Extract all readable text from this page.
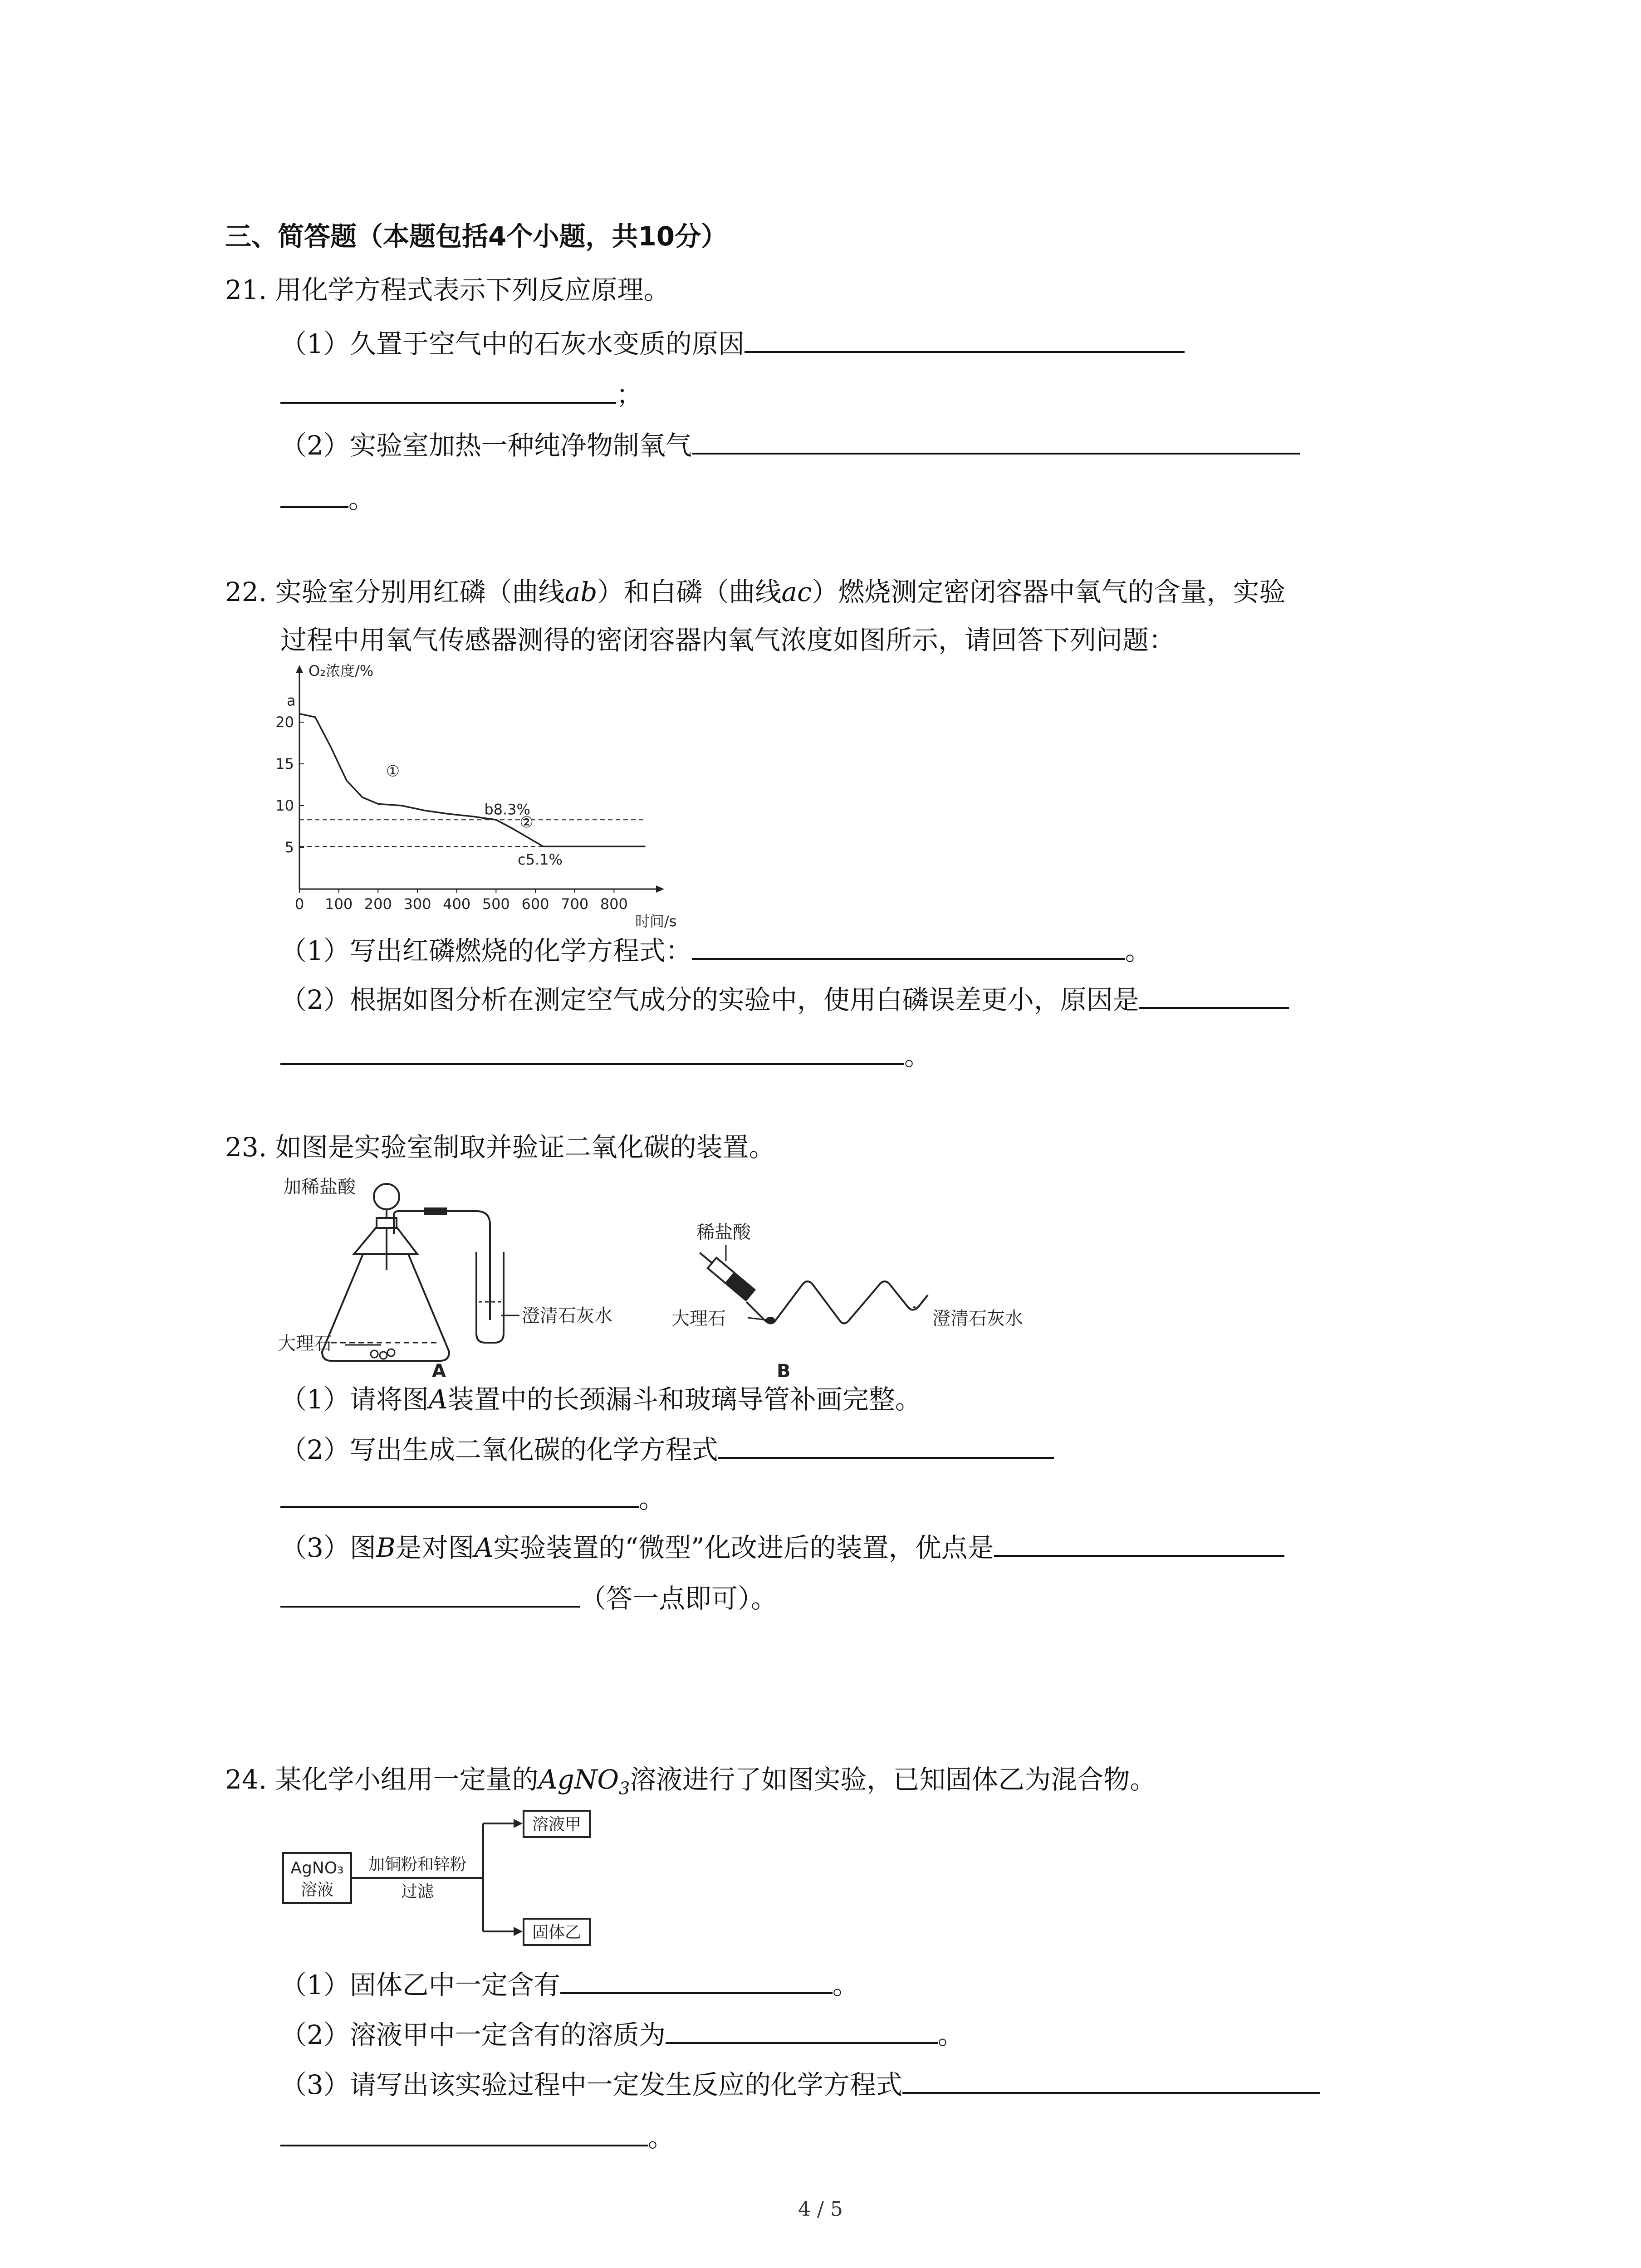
三、简答题（本题包括4个小题，共10分）
21. 用化学方程式表示下列反应原理。
（1）久置于空气中的石灰水变质的原因
；
（2）实验室加热一种纯净物制氧气
。
22. 实验室分别用红磷（曲线ab）和白磷（曲线ac）燃烧测定密闭容器中氧气的含量，实验
过程中用氧气传感器测得的密闭容器内氧气浓度如图所示，请回答下列问题：
O₂浓度/%
时间/s
0 100 200 300 400 500 600 700 800
5
10
15
20
①
②
a
b8.3%
c5.1%
（1）写出红磷燃烧的化学方程式：	。
（2）根据如图分析在测定空气成分的实验中，使用白磷误差更小，原因是
。
23. 如图是实验室制取并验证二氧化碳的装置。
加稀盐酸
大理石
澄清石灰水
A
稀盐酸
大理石	澄清石灰水
B
（1）请将图A装置中的长颈漏斗和玻璃导管补画完整。
（2）写出生成二氧化碳的化学方程式
。
（3）图B是对图A实验装置的“微型”化改进后的装置，优点是
（答一点即可）。
24. 某化学小组用一定量的AgNO$_3$溶液进行了如图实验，已知固体乙为混合物。
AgNO₃
溶液
加铜粉和锌粉
过滤
溶液甲
固体乙
（1）固体乙中一定含有	。
（2）溶液甲中一定含有的溶质为	。
（3）请写出该实验过程中一定发生反应的化学方程式
。
4 / 5
